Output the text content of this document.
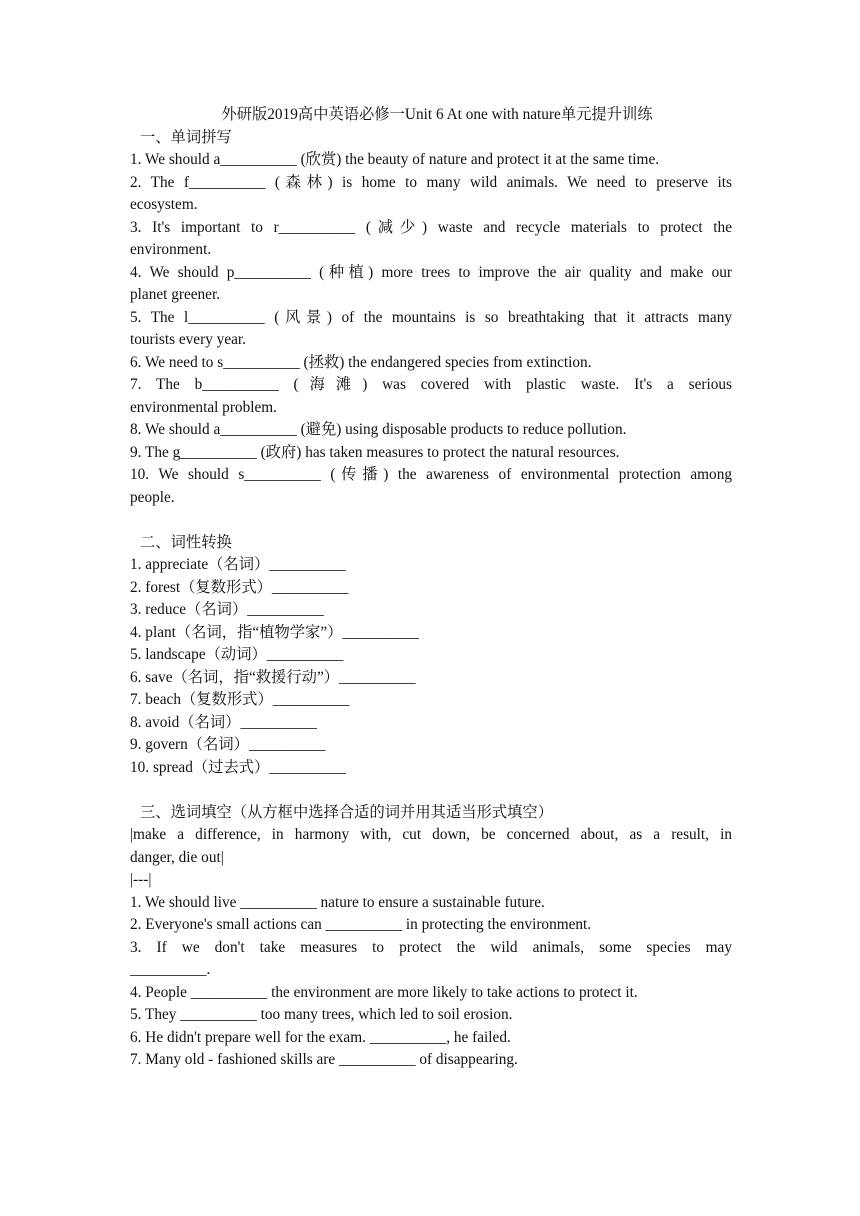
外研版2019高中英语必修一Unit 6 At one with nature单元提升训练
一、单词拼写
1. We should a__________ (欣赏) the beauty of nature and protect it at the same time.
2. The f__________ (森林) is home to many wild animals. We need to preserve its
ecosystem.
3. It's important to r__________ (减少) waste and recycle materials to protect the
environment.
4. We should p__________ (种植) more trees to improve the air quality and make our
planet greener.
5. The l__________ (风景) of the mountains is so breathtaking that it attracts many
tourists every year.
6. We need to s__________ (拯救) the endangered species from extinction.
7. The b__________ (海滩) was covered with plastic waste. It's a serious
environmental problem.
8. We should a__________ (避免) using disposable products to reduce pollution.
9. The g__________ (政府) has taken measures to protect the natural resources.
10. We should s__________ (传播) the awareness of environmental protection among
people.
二、词性转换
1. appreciate（名词）__________
2. forest（复数形式）__________
3. reduce（名词）__________
4. plant（名词，指“植物学家”）__________
5. landscape（动词）__________
6. save（名词，指“救援行动”）__________
7. beach（复数形式）__________
8. avoid（名词）__________
9. govern（名词）__________
10. spread（过去式）__________
三、选词填空（从方框中选择合适的词并用其适当形式填空）
|make a difference, in harmony with, cut down, be concerned about, as a result, in
danger, die out|
|---|
1. We should live __________ nature to ensure a sustainable future.
2. Everyone's small actions can __________ in protecting the environment.
3. If we don't take measures to protect the wild animals, some species may
__________.
4. People __________ the environment are more likely to take actions to protect it.
5. They __________ too many trees, which led to soil erosion.
6. He didn't prepare well for the exam. __________, he failed.
7. Many old - fashioned skills are __________ of disappearing.
